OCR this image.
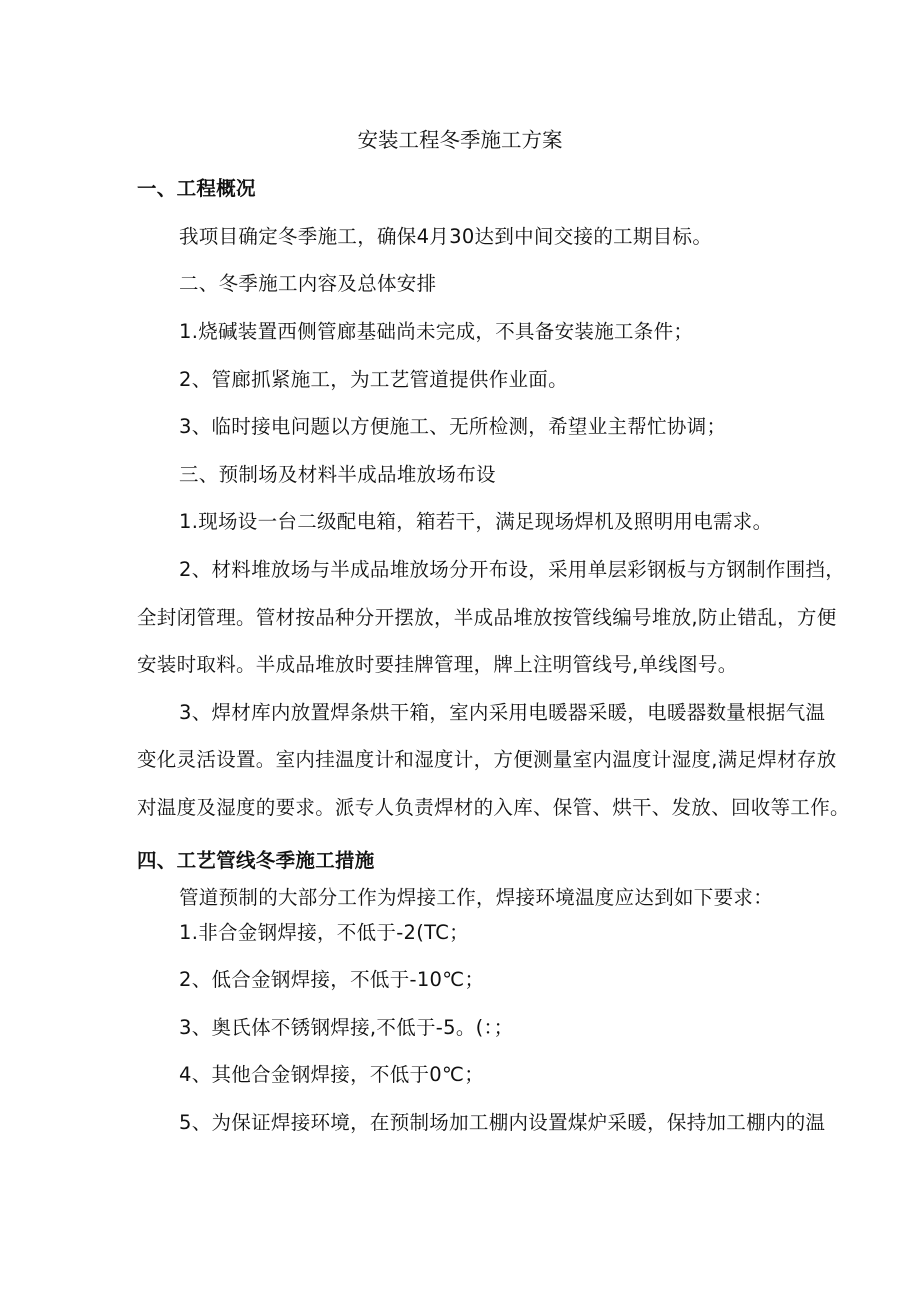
安装工程冬季施工方案
一、工程概况
我项目确定冬季施工，确保4月30达到中间交接的工期目标。
二、冬季施工内容及总体安排
1.烧碱装置西侧管廊基础尚未完成，不具备安装施工条件；
2、管廊抓紧施工，为工艺管道提供作业面。
3、临时接电问题以方便施工、无所检测，希望业主帮忙协调；
三、预制场及材料半成品堆放场布设
1.现场设一台二级配电箱，箱若干，满足现场焊机及照明用电需求。
2、材料堆放场与半成品堆放场分开布设，采用单层彩钢板与方钢制作围挡，
全封闭管理。管材按品种分开摆放，半成品堆放按管线编号堆放,防止错乱，方便
安装时取料。半成品堆放时要挂牌管理，牌上注明管线号,单线图号。
3、焊材库内放置焊条烘干箱，室内采用电暖器采暖，电暖器数量根据气温
变化灵活设置。室内挂温度计和湿度计，方便测量室内温度计湿度,满足焊材存放
对温度及湿度的要求。派专人负责焊材的入库、保管、烘干、发放、回收等工作。
四、工艺管线冬季施工措施
管道预制的大部分工作为焊接工作，焊接环境温度应达到如下要求：
1.非合金钢焊接，不低于-2(TC；
2、低合金钢焊接，不低于-10℃；
3、奥氏体不锈钢焊接,不低于-5。(：；
4、其他合金钢焊接，不低于0℃；
5、为保证焊接环境，在预制场加工棚内设置煤炉采暖，保持加工棚内的温
